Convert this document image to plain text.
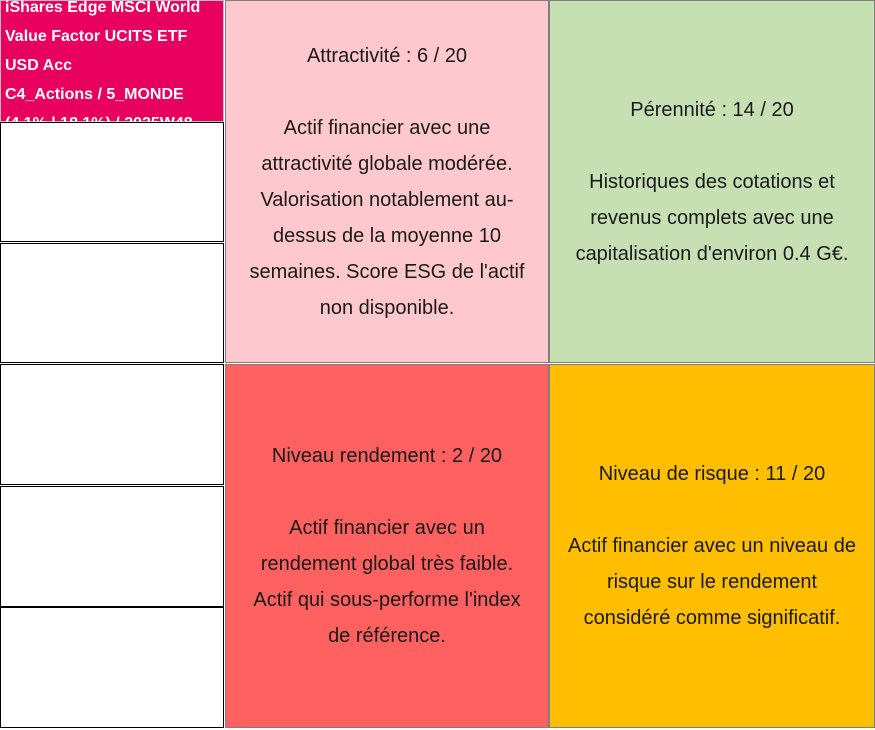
iShares Edge MSCI World
Value Factor UCITS ETF
USD Acc
C4_Actions / 5_MONDE
Attractivité : 6 / 20
Actif financier avec une
attractivité globale modérée.
Valorisation notablement au-
dessus de la moyenne 10
semaines. Score ESG de l'actif
non disponible.
Pérennité : 14 / 20
Historiques des cotations et
revenus complets avec une
capitalisation d'environ 0.4 G€.
Niveau rendement : 2 / 20
Actif financier avec un
rendement global très faible.
Actif qui sous-performe l'index
de référence.
Niveau de risque : 11 / 20
Actif financier avec un niveau de
risque sur le rendement
considéré comme significatif.
